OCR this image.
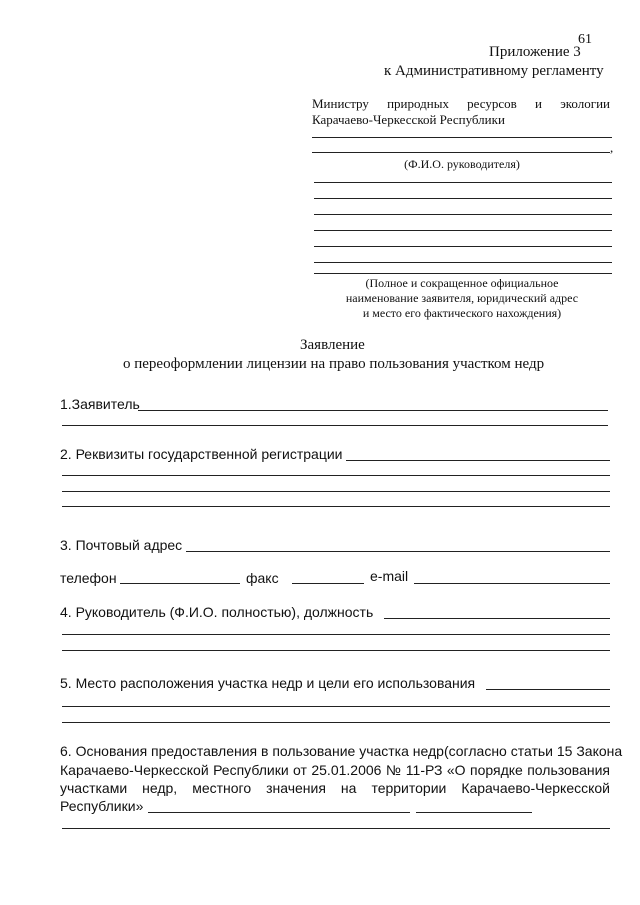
61
Приложение 3
к Административному регламенту
Министру природных ресурсов и экологии
Карачаево-Черкесской Республики
,
(Ф.И.О. руководителя)
(Полное и сокращенное официальное
наименование заявителя, юридический адрес
и место его фактического нахождения)
Заявление
о переоформлении лицензии на право пользования участком недр
1.Заявитель
2. Реквизиты государственной регистрации
3. Почтовый адрес
телефон	факс	e-mail
4. Руководитель (Ф.И.О. полностью), должность
5. Место расположения участка недр и цели его использования
6. Основания предоставления в пользование участка недр(согласно статьи 15 Закона
Карачаево-Черкесской Республики от 25.01.2006 № 11-РЗ «О порядке пользования
участками недр, местного значения на территории Карачаево-Черкесской
Республики»
